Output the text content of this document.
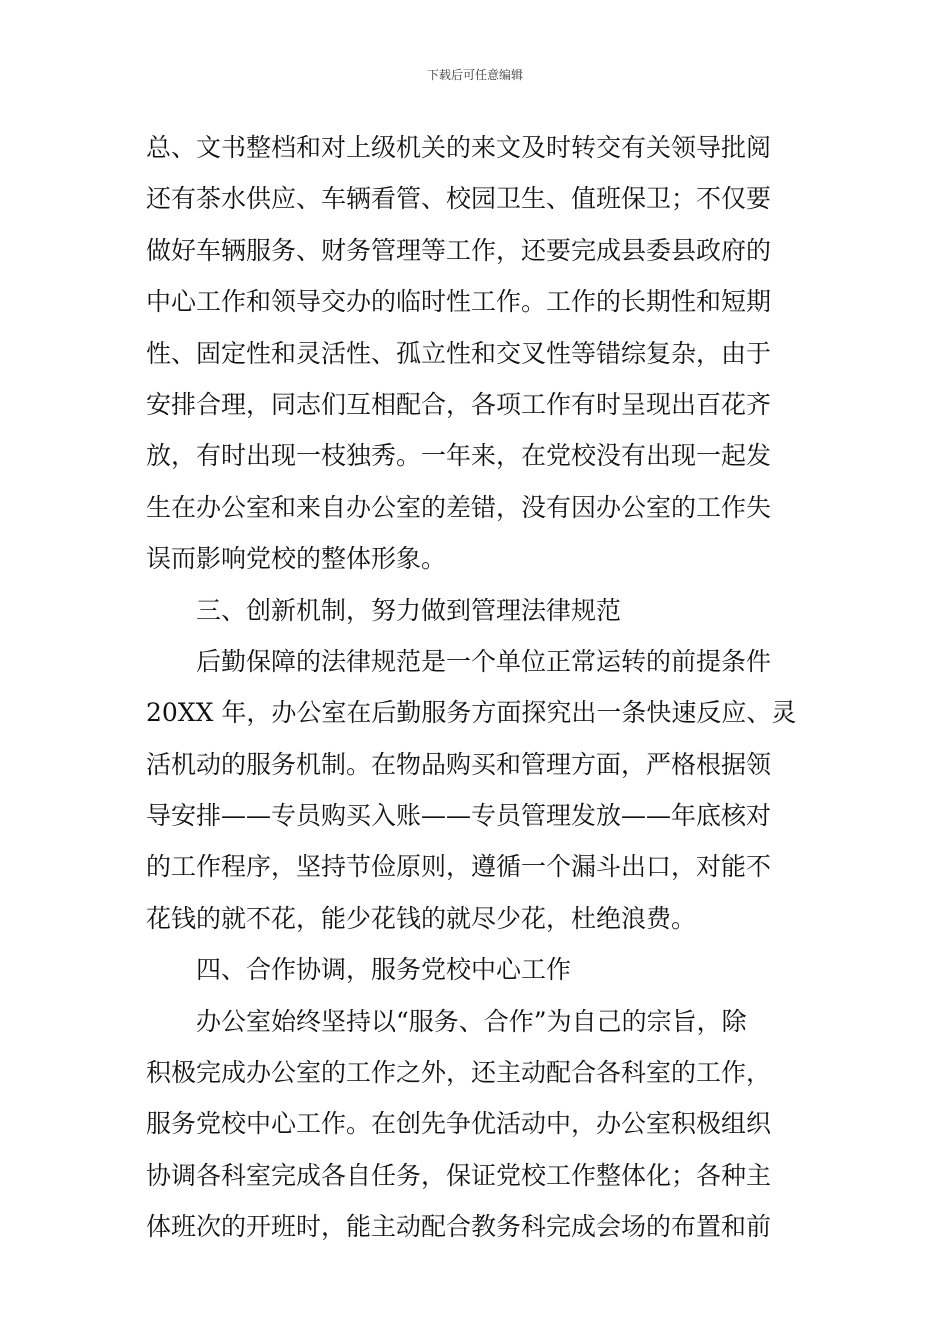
下载后可任意编辑
总、文书整档和对上级机关的来文及时转交有关领导批阅
还有茶水供应、车辆看管、校园卫生、值班保卫；不仅要
做好车辆服务、财务管理等工作，还要完成县委县政府的
中心工作和领导交办的临时性工作。工作的长期性和短期
性、固定性和灵活性、孤立性和交叉性等错综复杂，由于
安排合理，同志们互相配合，各项工作有时呈现出百花齐
放，有时出现一枝独秀。一年来，在党校没有出现一起发
生在办公室和来自办公室的差错，没有因办公室的工作失
误而影响党校的整体形象。
三、创新机制，努力做到管理法律规范
后勤保障的法律规范是一个单位正常运转的前提条件
20XX 年，办公室在后勤服务方面探究出一条快速反应、灵
活机动的服务机制。在物品购买和管理方面，严格根据领
导安排——专员购买入账——专员管理发放——年底核对
的工作程序，坚持节俭原则，遵循一个漏斗出口，对能不
花钱的就不花，能少花钱的就尽少花，杜绝浪费。
四、合作协调，服务党校中心工作
办公室始终坚持以“服务、合作”为自己的宗旨，除
积极完成办公室的工作之外，还主动配合各科室的工作，
服务党校中心工作。在创先争优活动中，办公室积极组织
协调各科室完成各自任务，保证党校工作整体化；各种主
体班次的开班时，能主动配合教务科完成会场的布置和前
